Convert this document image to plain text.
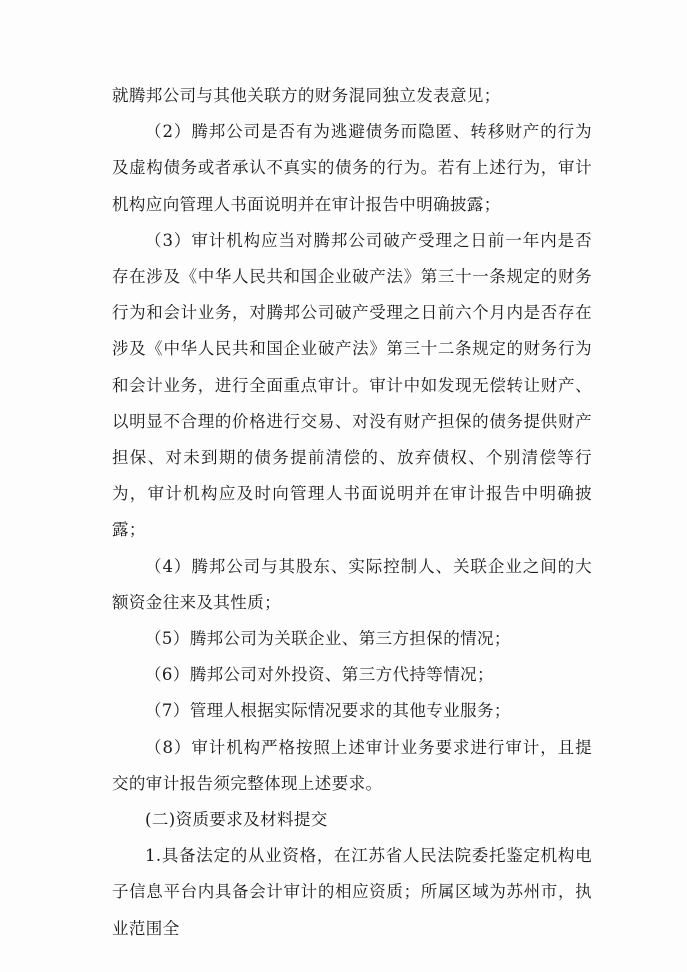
就腾邦公司与其他关联方的财务混同独立发表意见；

（2）腾邦公司是否有为逃避债务而隐匿、转移财产的行为及虚构债务或者承认不真实的债务的行为。若有上述行为，审计机构应向管理人书面说明并在审计报告中明确披露；

（3）审计机构应当对腾邦公司破产受理之日前一年内是否存在涉及《中华人民共和国企业破产法》第三十一条规定的财务行为和会计业务，对腾邦公司破产受理之日前六个月内是否存在涉及《中华人民共和国企业破产法》第三十二条规定的财务行为和会计业务，进行全面重点审计。审计中如发现无偿转让财产、以明显不合理的价格进行交易、对没有财产担保的债务提供财产担保、对未到期的债务提前清偿的、放弃债权、个别清偿等行为，审计机构应及时向管理人书面说明并在审计报告中明确披露；

（4）腾邦公司与其股东、实际控制人、关联企业之间的大额资金往来及其性质；

（5）腾邦公司为关联企业、第三方担保的情况；

（6）腾邦公司对外投资、第三方代持等情况；

（7）管理人根据实际情况要求的其他专业服务；

（8）审计机构严格按照上述审计业务要求进行审计，且提交的审计报告须完整体现上述要求。

(二)资质要求及材料提交

1.具备法定的从业资格，在江苏省人民法院委托鉴定机构电子信息平台内具备会计审计的相应资质；所属区域为苏州市，执业范围全
